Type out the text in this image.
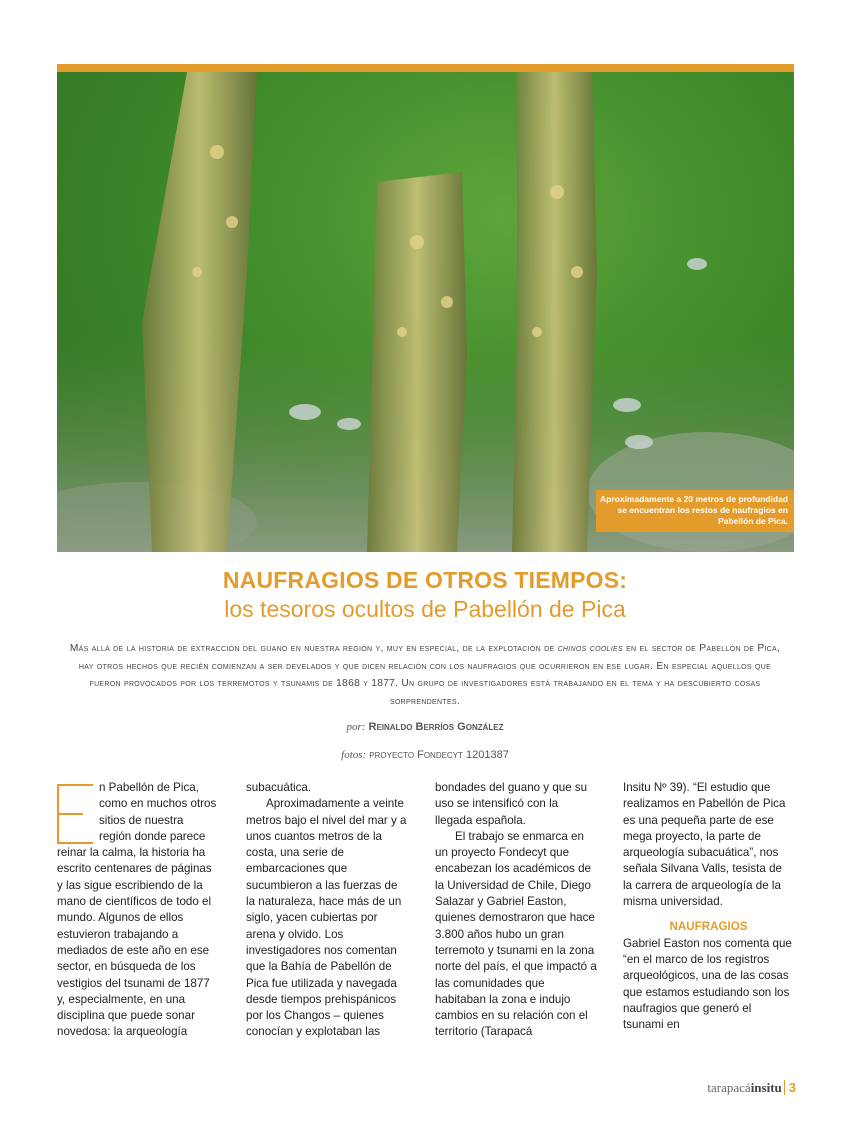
Aproximadamente a 20 metros de profundidad se encuentran los restos de naufragios en Pabellón de Pica.
NAUFRAGIOS DE OTROS TIEMPOS:
los tesoros ocultos de Pabellón de Pica
Más allá de la historia de extracción del guano en nuestra región y, muy en especial, de la explotación de chinos coolies en el sector de Pabellón de Pica, hay otros hechos que recién comienzan a ser develados y que dicen relación con los naufragios que ocurrieron en ese lugar. En especial aquellos que fueron provocados por los terremotos y tsunamis de 1868 y 1877. Un grupo de investigadores está trabajando en el tema y ha descubierto cosas sorprendentes.
por: Reinaldo Berríos González
fotos: proyecto Fondecyt 1201387

n Pabellón de Pica, como en muchos otros sitios de nuestra región donde parece reinar la calma, la historia ha escrito centenares de páginas y las sigue escribiendo de la mano de científicos de todo el mundo. Algunos de ellos estuvieron trabajando a mediados de este año en ese sector, en búsqueda de los vestigios del tsunami de 1877 y, especialmente, en una disciplina que puede sonar novedosa: la arqueología

subacuática.

Aproximadamente a veinte metros bajo el nivel del mar y a unos cuantos metros de la costa, una serie de embarcaciones que sucumbieron a las fuerzas de la naturaleza, hace más de un siglo, yacen cubiertas por arena y olvido. Los investigadores nos comentan que la Bahía de Pabellón de Pica fue utilizada y navegada desde tiempos prehispánicos por los Changos – quienes conocían y explotaban las

bondades del guano y que su uso se intensificó con la llegada española.

El trabajo se enmarca en un proyecto Fondecyt que encabezan los académicos de la Universidad de Chile, Diego Salazar y Gabriel Easton, quienes demostraron que hace 3.800 años hubo un gran terremoto y tsunami en la zona norte del país, el que impactó a las comunidades que habitaban la zona e indujo cambios en su relación con el territorio (Tarapacá

Insitu Nº 39). “El estudio que realizamos en Pabellón de Pica es una pequeña parte de ese mega proyecto, la parte de arqueología subacuática”, nos señala Silvana Valls, tesista de la carrera de arqueología de la misma universidad.

NAUFRAGIOS

Gabriel Easton nos comenta que “en el marco de los registros arqueológicos, una de las cosas que estamos estudiando son los naufragios que generó el tsunami en

tarapacáinsitu 3
